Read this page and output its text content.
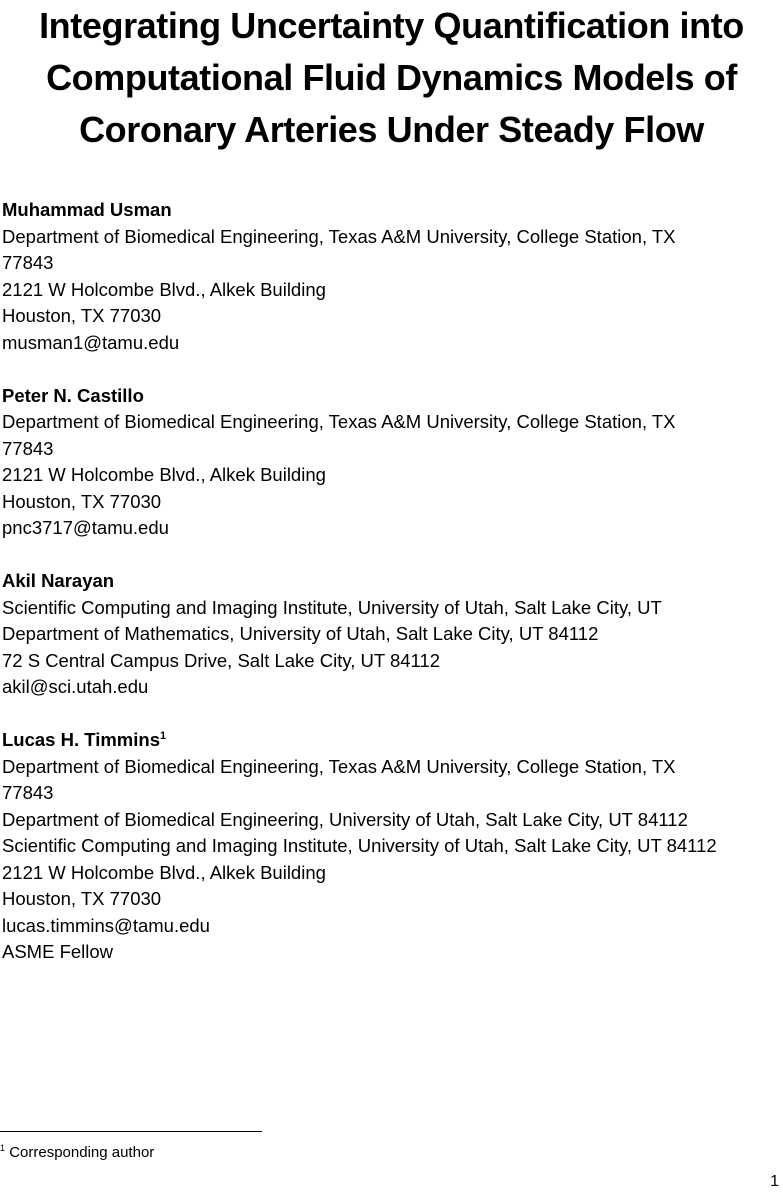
Integrating Uncertainty Quantification into
Computational Fluid Dynamics Models of
Coronary Arteries Under Steady Flow
Muhammad Usman
Department of Biomedical Engineering, Texas A&M University, College Station, TX
77843
2121 W Holcombe Blvd., Alkek Building
Houston, TX 77030
musman1@tamu.edu
Peter N. Castillo
Department of Biomedical Engineering, Texas A&M University, College Station, TX
77843
2121 W Holcombe Blvd., Alkek Building
Houston, TX 77030
pnc3717@tamu.edu
Akil Narayan
Scientific Computing and Imaging Institute, University of Utah, Salt Lake City, UT
Department of Mathematics, University of Utah, Salt Lake City, UT 84112
72 S Central Campus Drive, Salt Lake City, UT 84112
akil@sci.utah.edu
Lucas H. Timmins$^1$
Department of Biomedical Engineering, Texas A&M University, College Station, TX
77843
Department of Biomedical Engineering, University of Utah, Salt Lake City, UT 84112
Scientific Computing and Imaging Institute, University of Utah, Salt Lake City, UT 84112
2121 W Holcombe Blvd., Alkek Building
Houston, TX 77030
lucas.timmins@tamu.edu
ASME Fellow
$^1$ Corresponding author
1
